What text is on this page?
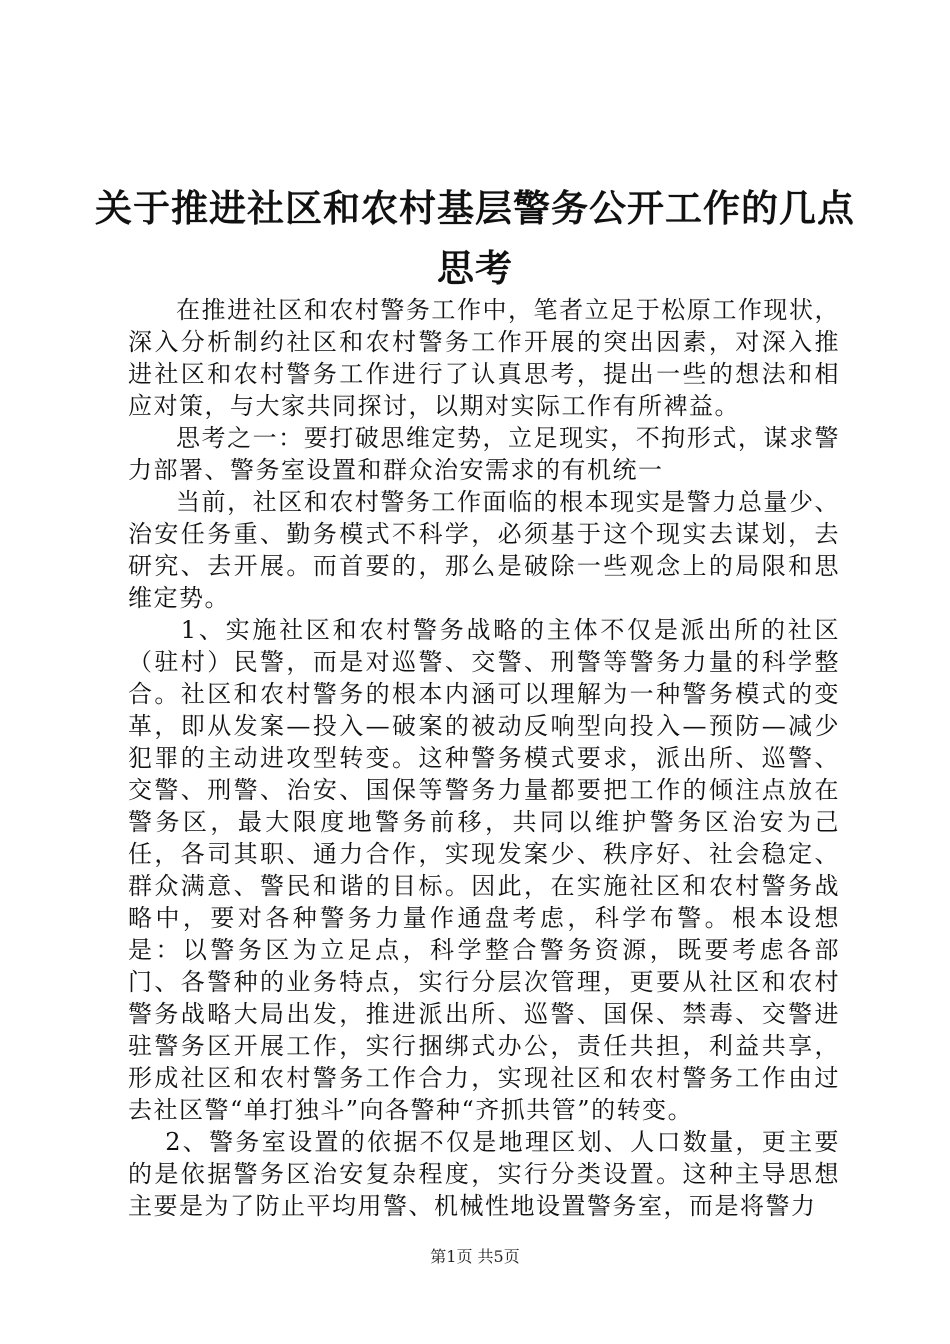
关于推进社区和农村基层警务公开工作的几点
思考

在推进社区和农村警务工作中，笔者立足于松原工作现状，深入分析制约社区和农村警务工作开展的突出因素，对深入推进社区和农村警务工作进行了认真思考，提出一些的想法和相应对策，与大家共同探讨，以期对实际工作有所裨益。

思考之一：要打破思维定势，立足现实，不拘形式，谋求警力部署、警务室设置和群众治安需求的有机统一

当前，社区和农村警务工作面临的根本现实是警力总量少、治安任务重、勤务模式不科学，必须基于这个现实去谋划，去研究、去开展。而首要的，那么是破除一些观念上的局限和思维定势。

1、实施社区和农村警务战略的主体不仅是派出所的社区（驻村）民警，而是对巡警、交警、刑警等警务力量的科学整合。社区和农村警务的根本内涵可以理解为一种警务模式的变革，即从发案—投入—破案的被动反响型向投入—预防—减少犯罪的主动进攻型转变。这种警务模式要求，派出所、巡警、交警、刑警、治安、国保等警务力量都要把工作的倾注点放在警务区，最大限度地警务前移，共同以维护警务区治安为己任，各司其职、通力合作，实现发案少、秩序好、社会稳定、群众满意、警民和谐的目标。因此，在实施社区和农村警务战略中，要对各种警务力量作通盘考虑，科学布警。根本设想是：以警务区为立足点，科学整合警务资源，既要考虑各部门、各警种的业务特点，实行分层次管理，更要从社区和农村警务战略大局出发，推进派出所、巡警、国保、禁毒、交警进驻警务区开展工作，实行捆绑式办公，责任共担，利益共享，形成社区和农村警务工作合力，实现社区和农村警务工作由过去社区警“单打独斗”向各警种“齐抓共管”的转变。

2、警务室设置的依据不仅是地理区划、人口数量，更主要的是依据警务区治安复杂程度，实行分类设置。这种主导思想主要是为了防止平均用警、机械性地设置警务室，而是将警力

第1页 共5页
